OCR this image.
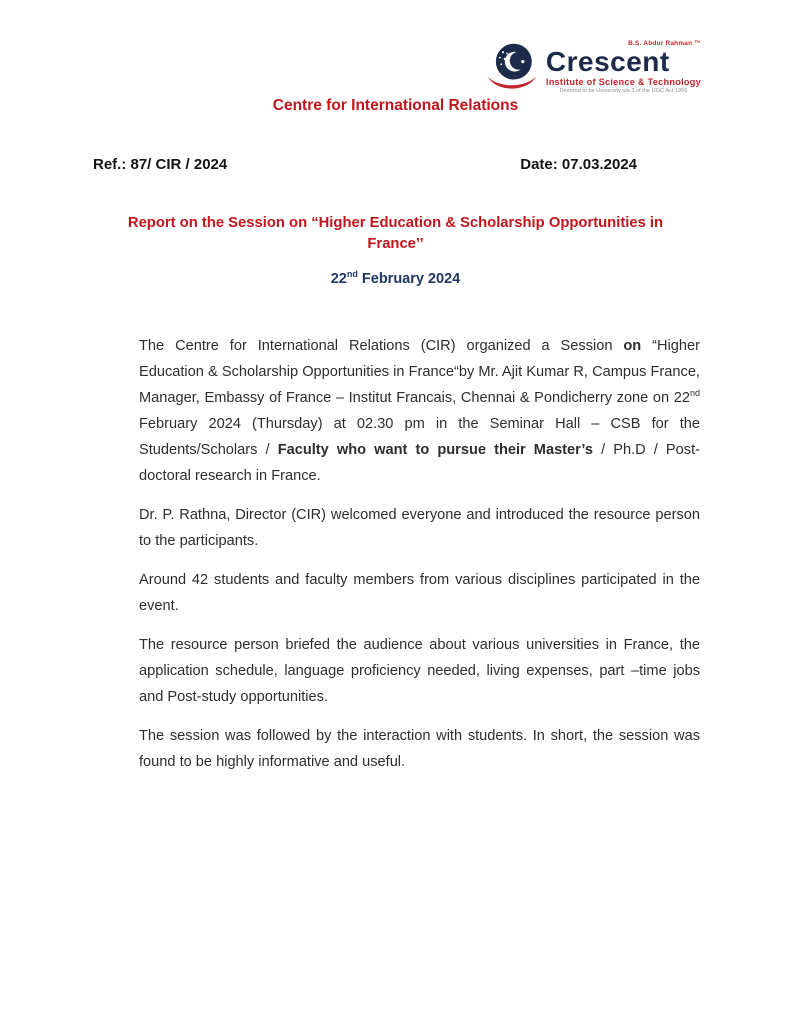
B.S. Abdur Rahman ™
Crescent
Institute of Science & Technology
Deemed to be University u/s 3 of the UGC Act 1956
Centre for International Relations
Ref.: 87/ CIR / 2024	Date: 07.03.2024
Report on the Session on “Higher Education & Scholarship Opportunities in France’’
22nd February 2024

The Centre for International Relations (CIR) organized a Session on “Higher Education & Scholarship Opportunities in France“by Mr. Ajit Kumar R, Campus France, Manager, Embassy of France – Institut Francais, Chennai & Pondicherry zone on 22nd February 2024 (Thursday) at 02.30 pm in the Seminar Hall – CSB for the Students/Scholars / Faculty who want to pursue their Master’s / Ph.D / Post-doctoral research in France.

Dr. P. Rathna, Director (CIR) welcomed everyone and introduced the resource person to the participants.

Around 42 students and faculty members from various disciplines participated in the event.

The resource person briefed the audience about various universities in France, the application schedule, language proficiency needed, living expenses, part –time jobs and Post-study opportunities.

The session was followed by the interaction with students. In short, the session was found to be highly informative and useful.
